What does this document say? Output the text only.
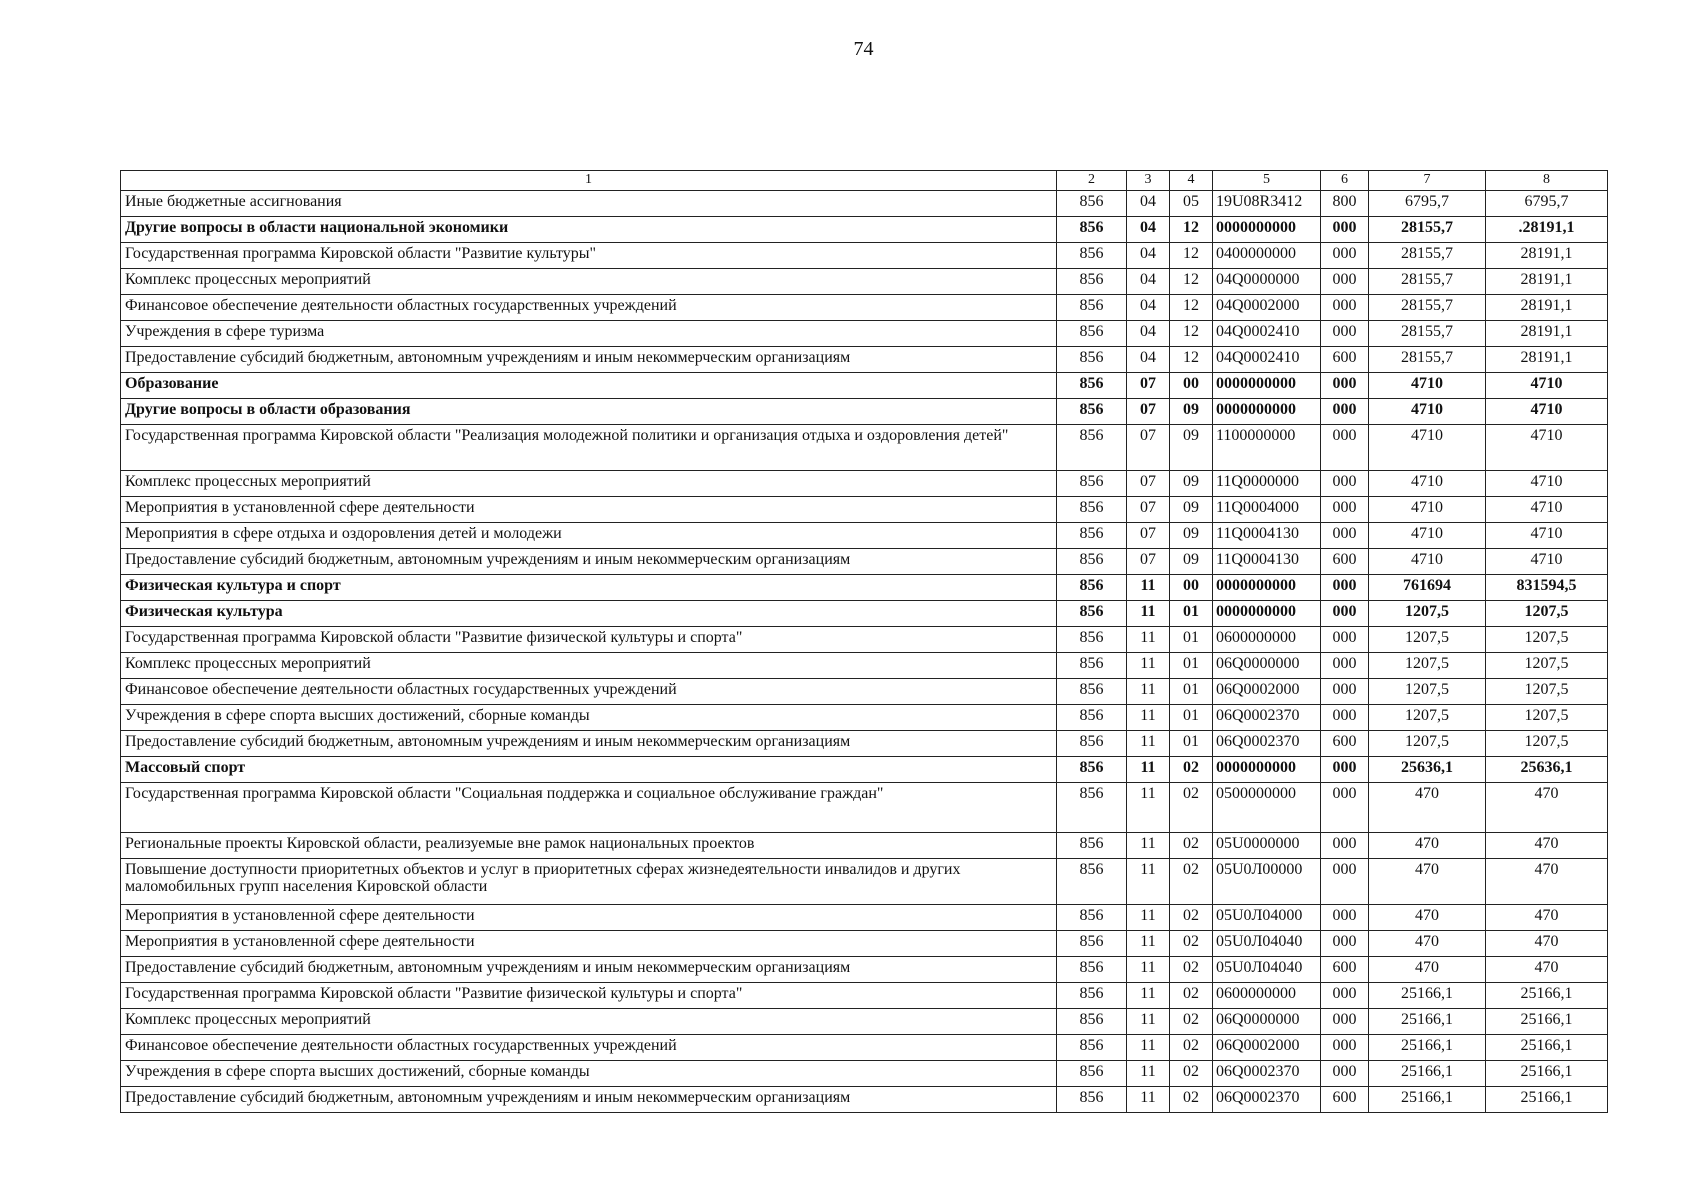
74
1	2	3	4	5	6	7	8
Иные бюджетные ассигнования	856	04	05	19U08R3412	800	6795,7	6795,7
Другие вопросы в области национальной экономики	856	04	12	0000000000	000	28155,7	.28191,1
Государственная программа Кировской области "Развитие культуры"	856	04	12	0400000000	000	28155,7	28191,1
Комплекс процессных мероприятий	856	04	12	04Q0000000	000	28155,7	28191,1
Финансовое обеспечение деятельности областных государственных учреждений	856	04	12	04Q0002000	000	28155,7	28191,1
Учреждения в сфере туризма	856	04	12	04Q0002410	000	28155,7	28191,1
Предоставление субсидий бюджетным, автономным учреждениям и иным некоммерческим организациям	856	04	12	04Q0002410	600	28155,7	28191,1
Образование	856	07	00	0000000000	000	4710	4710
Другие вопросы в области образования	856	07	09	0000000000	000	4710	4710
Государственная программа Кировской области "Реализация молодежной политики и организация отдыха и оздоровления детей"	856	07	09	1100000000	000	4710	4710
Комплекс процессных мероприятий	856	07	09	11Q0000000	000	4710	4710
Мероприятия в установленной сфере деятельности	856	07	09	11Q0004000	000	4710	4710
Мероприятия в сфере отдыха и оздоровления детей и молодежи	856	07	09	11Q0004130	000	4710	4710
Предоставление субсидий бюджетным, автономным учреждениям и иным некоммерческим организациям	856	07	09	11Q0004130	600	4710	4710
Физическая культура и спорт	856	11	00	0000000000	000	761694	831594,5
Физическая культура	856	11	01	0000000000	000	1207,5	1207,5
Государственная программа Кировской области "Развитие физической культуры и спорта"	856	11	01	0600000000	000	1207,5	1207,5
Комплекс процессных мероприятий	856	11	01	06Q0000000	000	1207,5	1207,5
Финансовое обеспечение деятельности областных государственных учреждений	856	11	01	06Q0002000	000	1207,5	1207,5
Учреждения в сфере спорта высших достижений, сборные команды	856	11	01	06Q0002370	000	1207,5	1207,5
Предоставление субсидий бюджетным, автономным учреждениям и иным некоммерческим организациям	856	11	01	06Q0002370	600	1207,5	1207,5
Массовый спорт	856	11	02	0000000000	000	25636,1	25636,1
Государственная программа Кировской области "Социальная поддержка и социальное обслуживание граждан"	856	11	02	0500000000	000	470	470
Региональные проекты Кировской области, реализуемые вне рамок национальных проектов	856	11	02	05U0000000	000	470	470
Повышение доступности приоритетных объектов и услуг в приоритетных сферах жизнедеятельности инвалидов и других маломобильных групп населения Кировской области	856	11	02	05U0Л00000	000	470	470
Мероприятия в установленной сфере деятельности	856	11	02	05U0Л04000	000	470	470
Мероприятия в установленной сфере деятельности	856	11	02	05U0Л04040	000	470	470
Предоставление субсидий бюджетным, автономным учреждениям и иным некоммерческим организациям	856	11	02	05U0Л04040	600	470	470
Государственная программа Кировской области "Развитие физической культуры и спорта"	856	11	02	0600000000	000	25166,1	25166,1
Комплекс процессных мероприятий	856	11	02	06Q0000000	000	25166,1	25166,1
Финансовое обеспечение деятельности областных государственных учреждений	856	11	02	06Q0002000	000	25166,1	25166,1
Учреждения в сфере спорта высших достижений, сборные команды	856	11	02	06Q0002370	000	25166,1	25166,1
Предоставление субсидий бюджетным, автономным учреждениям и иным некоммерческим организациям	856	11	02	06Q0002370	600	25166,1	25166,1
